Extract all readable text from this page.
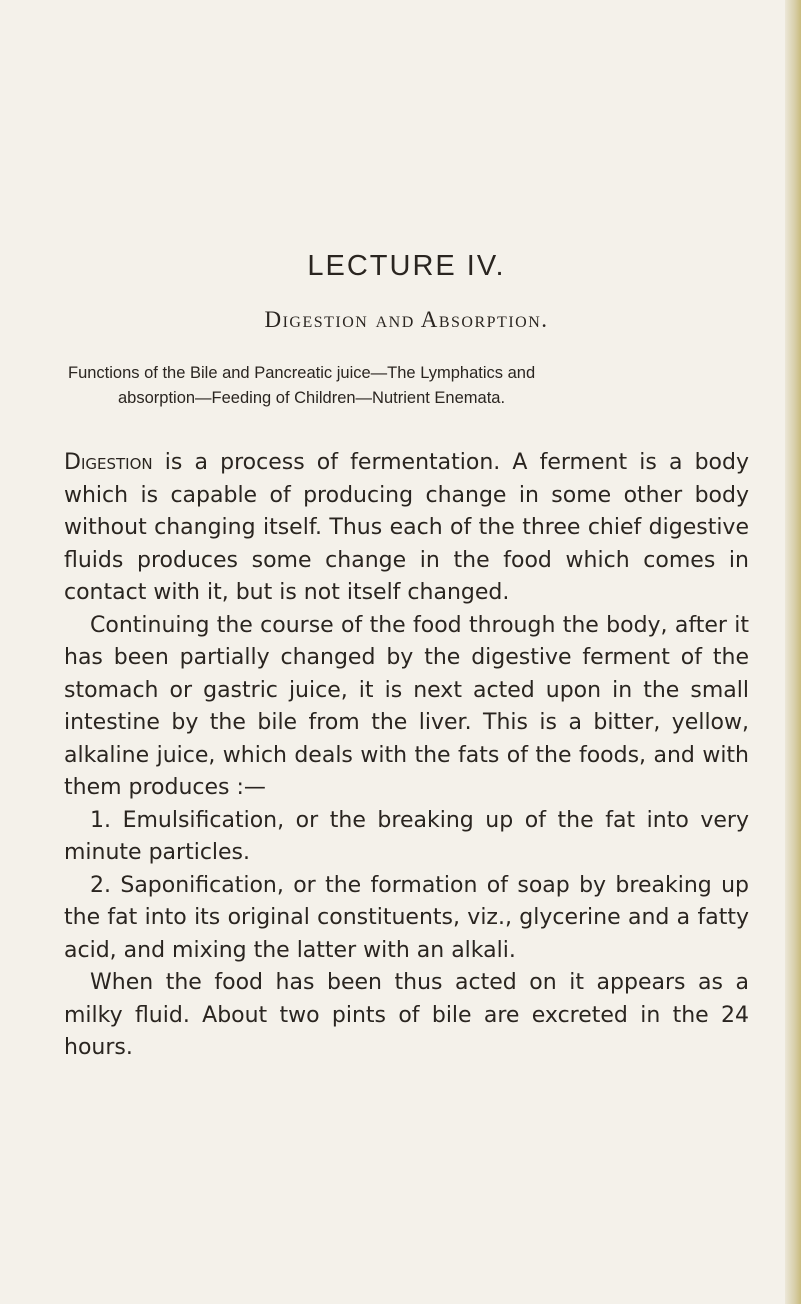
LECTURE IV.
Digestion and Absorption.

Functions of the Bile and Pancreatic juice—The Lymphatics and
absorption—Feeding of Children—Nutrient Enemata.

Digestion is a process of fermentation. A ferment is a body which is capable of producing change in some other body without changing itself. Thus each of the three chief digestive fluids produces some change in the food which comes in contact with it, but is not itself changed.

Continuing the course of the food through the body, after it has been partially changed by the digestive ferment of the stomach or gastric juice, it is next acted upon in the small intestine by the bile from the liver. This is a bitter, yellow, alkaline juice, which deals with the fats of the foods, and with them produces :—

1. Emulsification, or the breaking up of the fat into very minute particles.

2. Saponification, or the formation of soap by breaking up the fat into its original constituents, viz., glycerine and a fatty acid, and mixing the latter with an alkali.

When the food has been thus acted on it appears as a milky fluid. About two pints of bile are excreted in the 24 hours.
